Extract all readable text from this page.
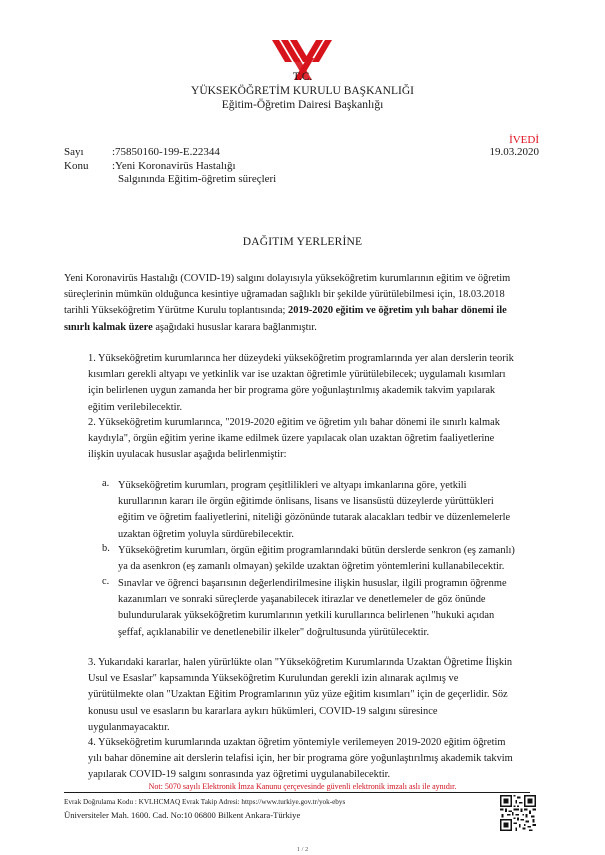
T.C.
YÜKSEKÖĞRETİM KURULU BAŞKANLIĞI
Eğitim-Öğretim Dairesi Başkanlığı
İVEDİ
19.03.2020
Sayı	:75850160-199-E.22344
Konu :Yeni Koronavirüs Hastalığı
Salgınında Eğitim-öğretim süreçleri
DAĞITIM YERLERİNE
Yeni Koronavirüs Hastalığı (COVID-19) salgını dolayısıyla yükseköğretim kurumlarının eğitim ve öğretim
süreçlerinin mümkün olduğunca kesintiye uğramadan sağlıklı bir şekilde yürütülebilmesi için, 18.03.2018
tarihli Yükseköğretim Yürütme Kurulu toplantısında; 2019-2020 eğitim ve öğretim yılı bahar dönemi ile
sınırlı kalmak üzere aşağıdaki hususlar karara bağlanmıştır.
1. Yükseköğretim kurumlarınca her düzeydeki yükseköğretim programlarında yer alan derslerin teorik
kısımları gerekli altyapı ve yetkinlik var ise uzaktan öğretimle yürütülebilecek; uygulamalı kısımları
için belirlenen uygun zamanda her bir programa göre yoğunlaştırılmış akademik takvim yapılarak
eğitim verilebilecektir.
2. Yükseköğretim kurumlarınca, "2019-2020 eğitim ve öğretim yılı bahar dönemi ile sınırlı kalmak
kaydıyla", örgün eğitim yerine ikame edilmek üzere yapılacak olan uzaktan öğretim faaliyetlerine
ilişkin uyulacak hususlar aşağıda belirlenmiştir:
a. Yükseköğretim kurumları, program çeşitlilikleri ve altyapı imkanlarına göre, yetkili
kurullarının kararı ile örgün eğitimde önlisans, lisans ve lisansüstü düzeylerde yürüttükleri
eğitim ve öğretim faaliyetlerini, niteliği gözönünde tutarak alacakları tedbir ve düzenlemelerle
uzaktan öğretim yoluyla sürdürebilecektir.
b. Yükseköğretim kurumları, örgün eğitim programlarındaki bütün derslerde senkron (eş zamanlı)
ya da asenkron (eş zamanlı olmayan) şekilde uzaktan öğretim yöntemlerini kullanabilecektir.
c. Sınavlar ve öğrenci başarısının değerlendirilmesine ilişkin hususlar, ilgili programın öğrenme
kazanımları ve sonraki süreçlerde yaşanabilecek itirazlar ve denetlemeler de göz önünde
bulundurularak yükseköğretim kurumlarının yetkili kurullarınca belirlenen "hukuki açıdan
şeffaf, açıklanabilir ve denetlenebilir ilkeler" doğrultusunda yürütülecektir.
3. Yukarıdaki kararlar, halen yürürlükte olan "Yükseköğretim Kurumlarında Uzaktan Öğretime İlişkin
Usul ve Esaslar" kapsamında Yükseköğretim Kurulundan gerekli izin alınarak açılmış ve
yürütülmekte olan "Uzaktan Eğitim Programlarının yüz yüze eğitim kısımları" için de geçerlidir. Söz
konusu usul ve esasların bu kararlara aykırı hükümleri, COVID-19 salgını süresince
uygulanmayacaktır.
4. Yükseköğretim kurumlarında uzaktan öğretim yöntemiyle verilemeyen 2019-2020 eğitim öğretim
yılı bahar dönemine ait derslerin telafisi için, her bir programa göre yoğunlaştırılmış akademik takvim
yapılarak COVID-19 salgını sonrasında yaz öğretimi uygulanabilecektir.
Not: 5070 sayılı Elektronik İmza Kanunu çerçevesinde güvenli elektronik imzalı aslı ile aynıdır.
Evrak Doğrulama Kodu : KVLHCMAQ Evrak Takip Adresi: https://www.turkiye.gov.tr/yok-ebys
Üniversiteler Mah. 1600. Cad. No:10 06800 Bilkent Ankara-Türkiye
1 / 2
